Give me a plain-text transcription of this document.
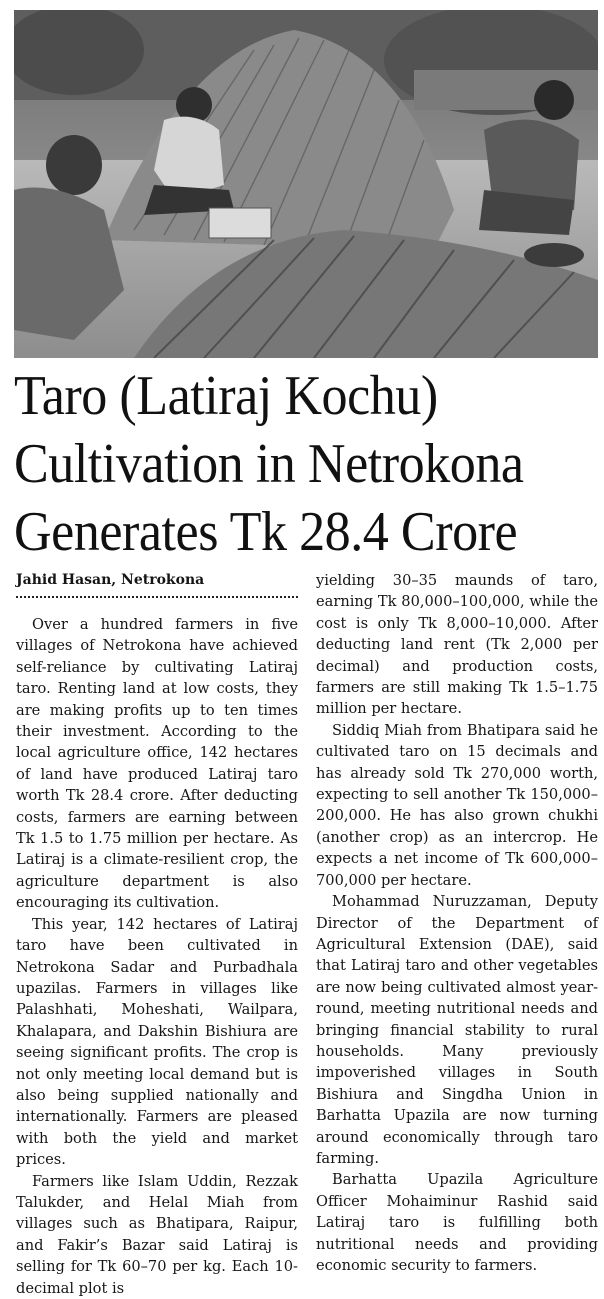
Taro (Latiraj Kochu)
Cultivation in Netrokona
Generates Tk 28.4 Crore
Jahid Hasan, Netrokona

Over a hundred farmers in five villages of Netrokona have achieved self-reliance by cultivating Latiraj taro. Renting land at low costs, they are making profits up to ten times their investment. According to the local agriculture office, 142 hectares of land have produced Latiraj taro worth Tk 28.4 crore. After deducting costs, farmers are earning between Tk 1.5 to 1.75 million per hectare. As Latiraj is a climate-resilient crop, the agriculture department is also encouraging its cultivation.

This year, 142 hectares of Latiraj taro have been cultivated in Netrokona Sadar and Purbadhala upazilas. Farmers in villages like Palashhati, Moheshati, Wailpara, Khalapara, and Dakshin Bishiura are seeing significant profits. The crop is not only meeting local demand but is also being supplied nationally and internationally. Farmers are pleased with both the yield and market prices.

Farmers like Islam Uddin, Rezzak Talukder, and Helal Miah from villages such as Bhatipara, Raipur, and Fakir’s Bazar said Latiraj is selling for Tk 60–70 per kg. Each 10-decimal plot is

yielding 30–35 maunds of taro, earning Tk 80,000–100,000, while the cost is only Tk 8,000–10,000. After deducting land rent (Tk 2,000 per decimal) and production costs, farmers are still making Tk 1.5–1.75 million per hectare.

Siddiq Miah from Bhatipara said he cultivated taro on 15 decimals and has already sold Tk 270,000 worth, expecting to sell another Tk 150,000–200,000. He has also grown chukhi (another crop) as an intercrop. He expects a net income of Tk 600,000–700,000 per hectare.

Mohammad Nuruzzaman, Deputy Director of the Department of Agricultural Extension (DAE), said that Latiraj taro and other vegetables are now being cultivated almost year-round, meeting nutritional needs and bringing financial stability to rural households. Many previously impoverished villages in South Bishiura and Singdha Union in Barhatta Upazila are now turning around economically through taro farming.

Barhatta Upazila Agriculture Officer Mohaiminur Rashid said Latiraj taro is fulfilling both nutritional needs and providing economic security to farmers.
